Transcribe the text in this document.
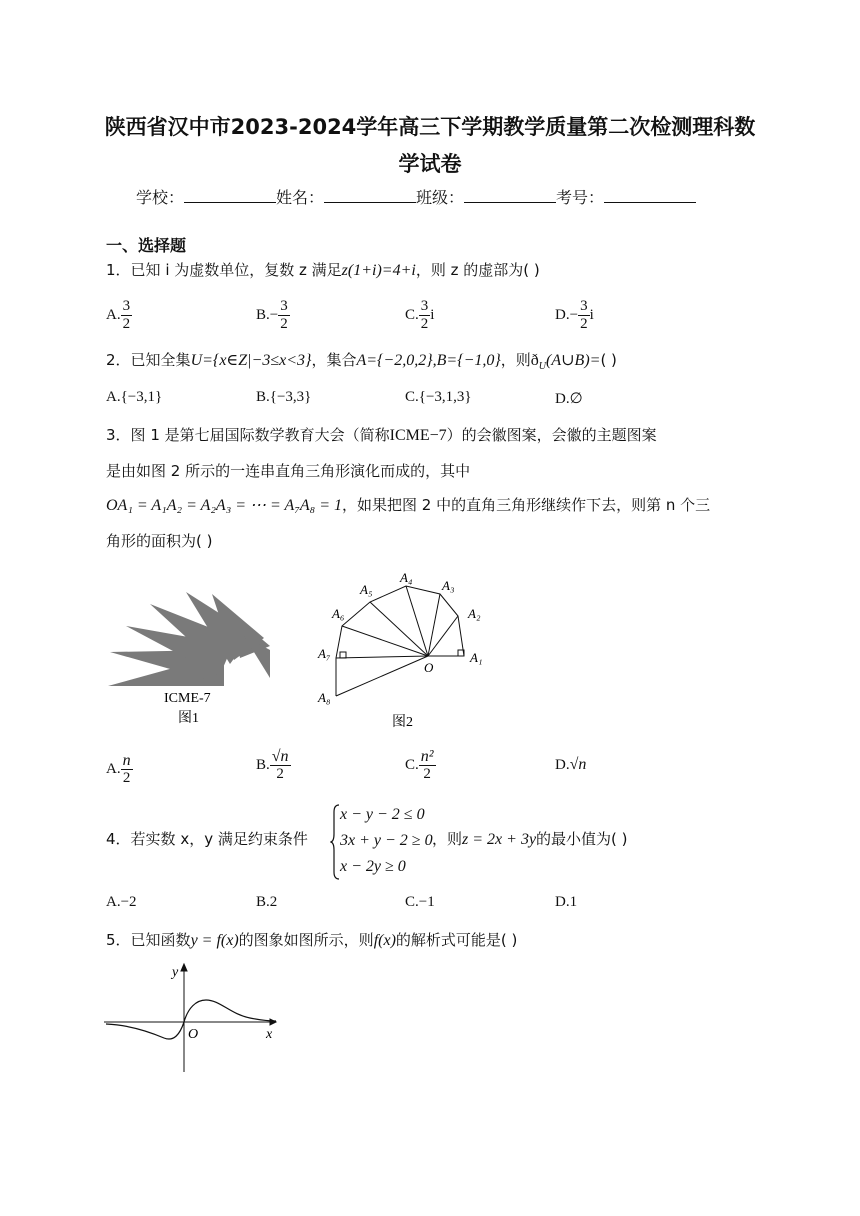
陕西省汉中市2023-2024学年高三下学期教学质量第二次检测理科数
学试卷
学校：	姓名：	班级：	考号：
一、选择题
1．已知 i 为虚数单位，复数 z 满足z(1+i)=4+i，则 z 的虚部为( )
A. $\frac{3}{2}$	$B.- \frac{3}{2}$	C. $\frac{3}{2}$ i	$D.- \frac{3}{2}$ i
2．已知全集U={x∈Z|−3≤x<3}，集合A={−2,0,2},B={−1,0}，则$ð_U(A\cup B)=$( )
A.{−3,1}	B.{−3,3}	C.{−3,1,3}	D.∅
3．图 1 是第七届国际数学教育大会（简称ICME−7）的会徽图案，会徽的主题图案
是由如图 2 所示的一连串直角三角形演化而成的，其中
OA₁ = A₁A₂ = A₂A₃ = ⋯ = A₇A₈ = 1，如果把图 2 中的直角三角形继续作下去，则第 n 个三
角形的面积为( )
ICME-7
图1
A₁
A₂
A₃
A₄
A₅
A₆
A₇
A₈
O
图2
A. $\frac{n}{2}$	B. $\frac{√n}{2}$	C. $\frac{\text{n²}}{2}$	D.√n
4．若实数 x，y 满足约束条件
x − y − 2 ≤ 0
3x + y − 2 ≥ 0
x − 2y ≥ 0
，则z = 2x + 3y的最小值为( )
A.−2	B.2	C.−1	D.1
5．已知函数y = f(x)的图象如图所示，则f(x)的解析式可能是( )
y
x
O
